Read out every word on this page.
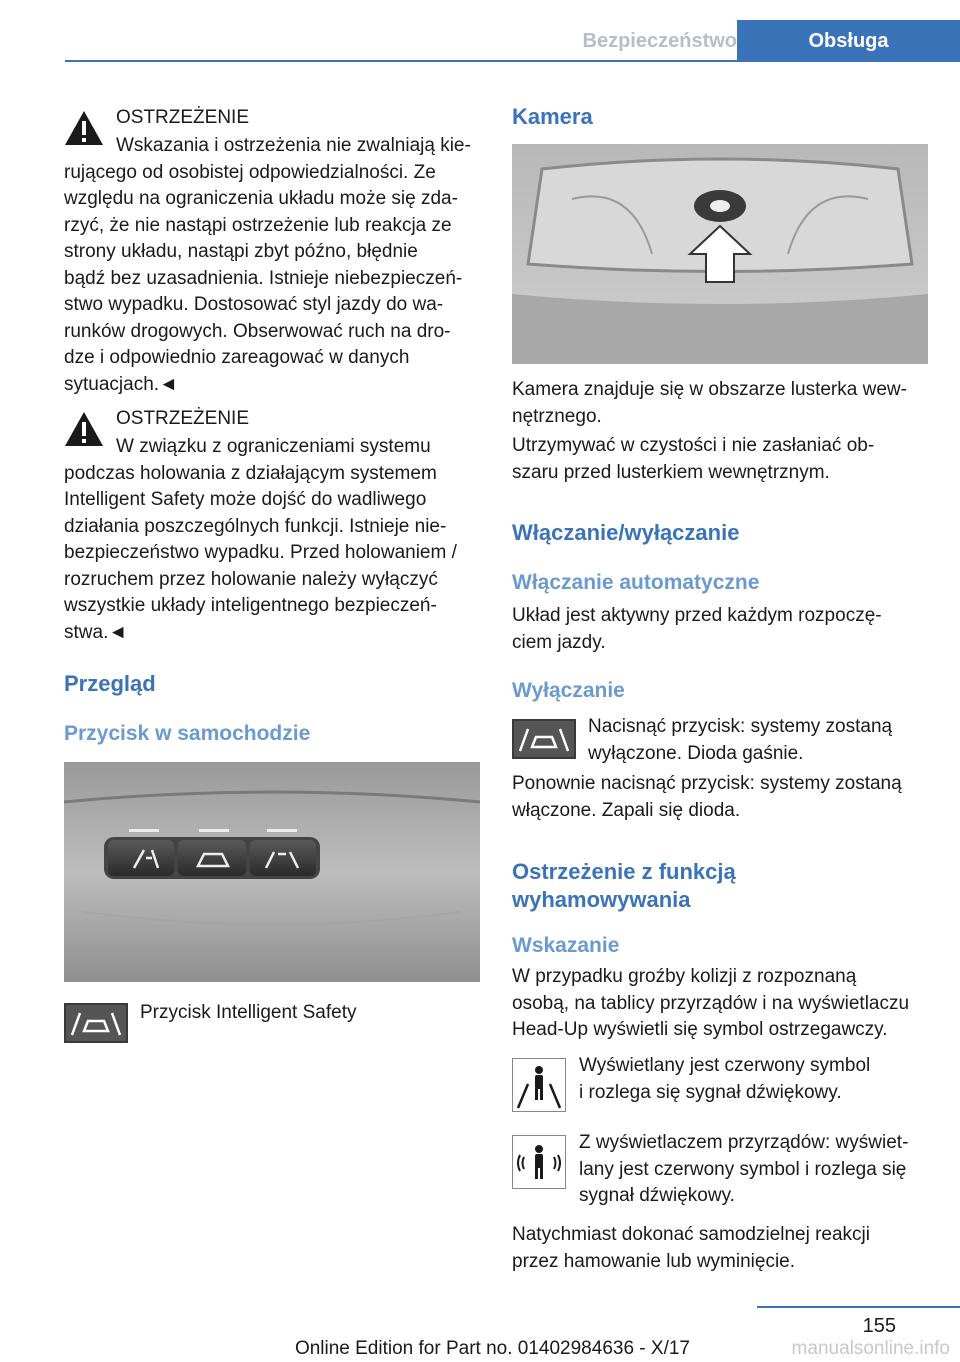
Bezpieczeństwo	Obsługa
OSTRZEŻENIE

Wskazania i ostrzeżenia nie zwalniają kie-

rującego od osobistej odpowiedzialności. Ze

względu na ograniczenia układu może się zda-

rzyć, że nie nastąpi ostrzeżenie lub reakcja ze

strony układu, nastąpi zbyt późno, błędnie

bądź bez uzasadnienia. Istnieje niebezpieczeń-

stwo wypadku. Dostosować styl jazdy do wa-

runków drogowych. Obserwować ruch na dro-

dze i odpowiednio zareagować w danych

sytuacjach.◄

OSTRZEŻENIE

W związku z ograniczeniami systemu

podczas holowania z działającym systemem

Intelligent Safety może dojść do wadliwego

działania poszczególnych funkcji. Istnieje nie-

bezpieczeństwo wypadku. Przed holowaniem /

rozruchem przez holowanie należy wyłączyć

wszystkie układy inteligentnego bezpieczeń-

stwa.◄

Przegląd
Przycisk w samochodzie
Przycisk Intelligent Safety
Kamera
Kamera znajduje się w obszarze lusterka wew-
nętrznego.
Utrzymywać w czystości i nie zasłaniać ob-
szaru przed lusterkiem wewnętrznym.
Włączanie/wyłączanie
Włączanie automatyczne
Układ jest aktywny przed każdym rozpoczę-
ciem jazdy.
Wyłączanie
Nacisnąć przycisk: systemy zostaną
wyłączone. Dioda gaśnie.
Ponownie nacisnąć przycisk: systemy zostaną
włączone. Zapali się dioda.
Ostrzeżenie z funkcją
wyhamowywania
Wskazanie
W przypadku groźby kolizji z rozpoznaną
osobą, na tablicy przyrządów i na wyświetlaczu
Head-Up wyświetli się symbol ostrzegawczy.
Wyświetlany jest czerwony symbol
i rozlega się sygnał dźwiękowy.
Z wyświetlaczem przyrządów: wyświet-
lany jest czerwony symbol i rozlega się
sygnał dźwiękowy.
Natychmiast dokonać samodzielnej reakcji
przez hamowanie lub wyminięcie.
155
Online Edition for Part no. 01402984636 - X/17	manualsonline.info
